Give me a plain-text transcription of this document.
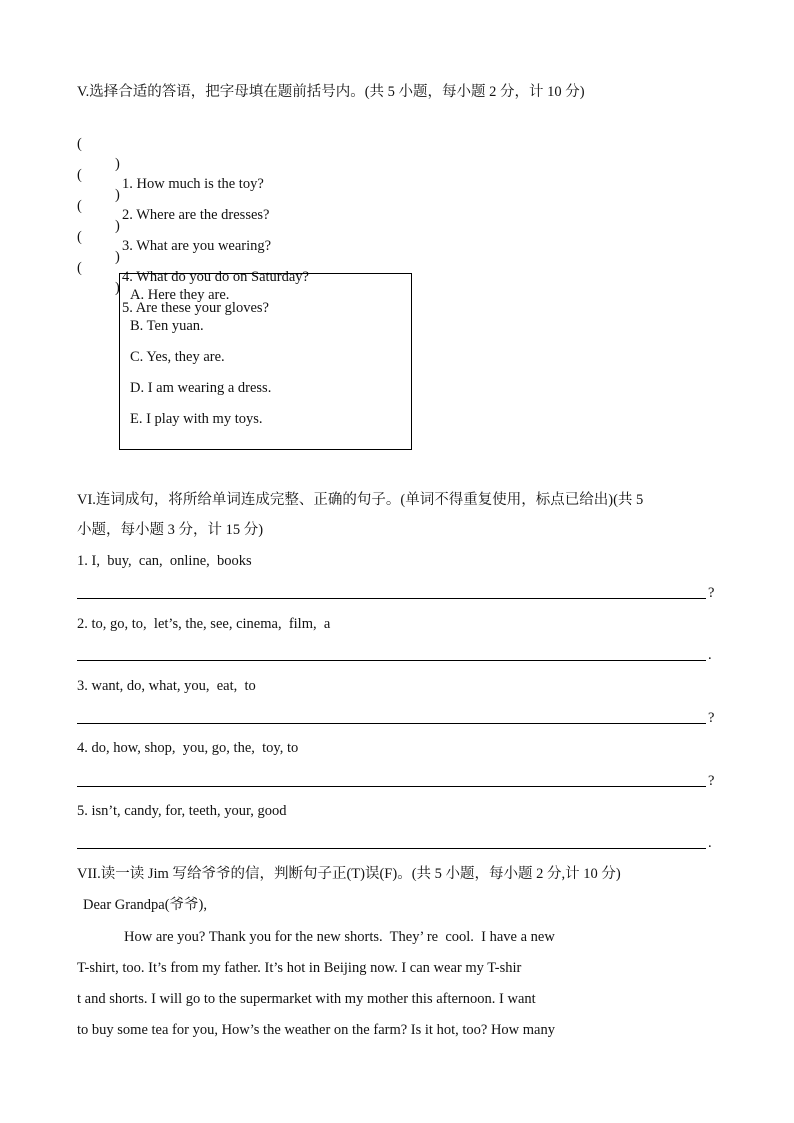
V.选择合适的答语，把字母填在题前括号内。(共 5 小题，每小题 2 分，计 10 分)

(

)

1. How much is the toy?

(

)

2. Where are the dresses?

(

)

3. What are you wearing?

(

)

4. What do you do on Saturday?

(

)

5. Are these your gloves?

A. Here they are.
B. Ten yuan.
C. Yes, they are.
D. I am wearing a dress.
E. I play with my toys.
VI.连词成句，将所给单词连成完整、正确的句子。(单词不得重复使用，标点已给出)(共 5
小题，每小题 3 分，计 15 分)
1. I,  buy,  can,  online,  books
?
2. to, go, to,  let’s, the, see, cinema,  film,  a
.
3. want, do, what, you,  eat,  to
?
4. do, how, shop,  you, go, the,  toy, to
?
5. isn’t, candy, for, teeth, your, good
.
VII.读一读 Jim 写给爷爷的信，判断句子正(T)误(F)。(共 5 小题，每小题 2 分,计 10 分)
Dear Grandpa(爷爷),
How are you? Thank you for the new shorts.  They’ re  cool.  I have a new
T-shirt, too. It’s from my father. It’s hot in Beijing now. I can wear my T-shir
t and shorts. I will go to the supermarket with my mother this afternoon. I want
to buy some tea for you, How’s the weather on the farm? Is it hot, too? How many
